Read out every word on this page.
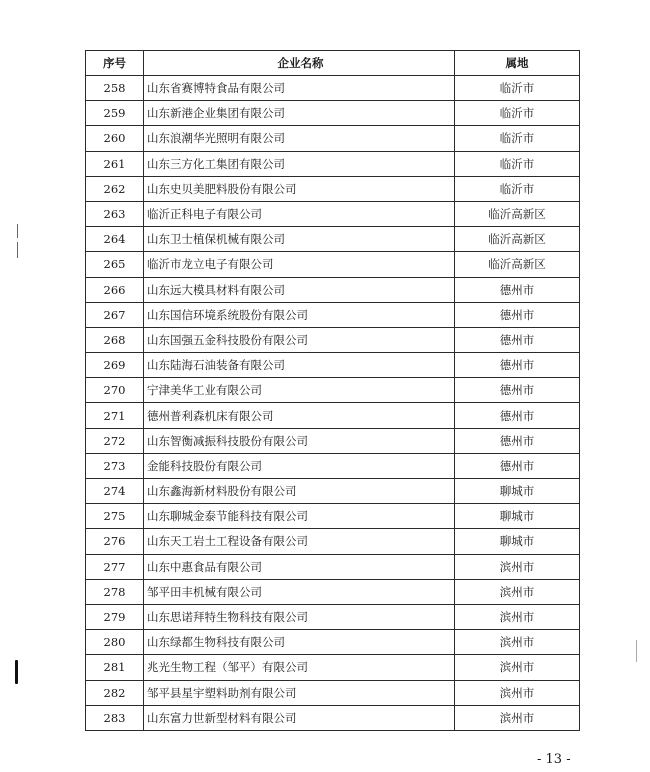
序号	企业名称	属地
258	山东省赛博特食品有限公司	临沂市
259	山东新港企业集团有限公司	临沂市
260	山东浪潮华光照明有限公司	临沂市
261	山东三方化工集团有限公司	临沂市
262	山东史贝美肥料股份有限公司	临沂市
263	临沂正科电子有限公司	临沂高新区
264	山东卫士植保机械有限公司	临沂高新区
265	临沂市龙立电子有限公司	临沂高新区
266	山东远大模具材料有限公司	德州市
267	山东国信环境系统股份有限公司	德州市
268	山东国强五金科技股份有限公司	德州市
269	山东陆海石油装备有限公司	德州市
270	宁津美华工业有限公司	德州市
271	德州普利森机床有限公司	德州市
272	山东智衡减振科技股份有限公司	德州市
273	金能科技股份有限公司	德州市
274	山东鑫海新材料股份有限公司	聊城市
275	山东聊城金泰节能科技有限公司	聊城市
276	山东天工岩土工程设备有限公司	聊城市
277	山东中惠食品有限公司	滨州市
278	邹平田丰机械有限公司	滨州市
279	山东思诺拜特生物科技有限公司	滨州市
280	山东绿都生物科技有限公司	滨州市
281	兆光生物工程（邹平）有限公司	滨州市
282	邹平县星宇塑料助剂有限公司	滨州市
283	山东富力世新型材料有限公司	滨州市
- 13 -
